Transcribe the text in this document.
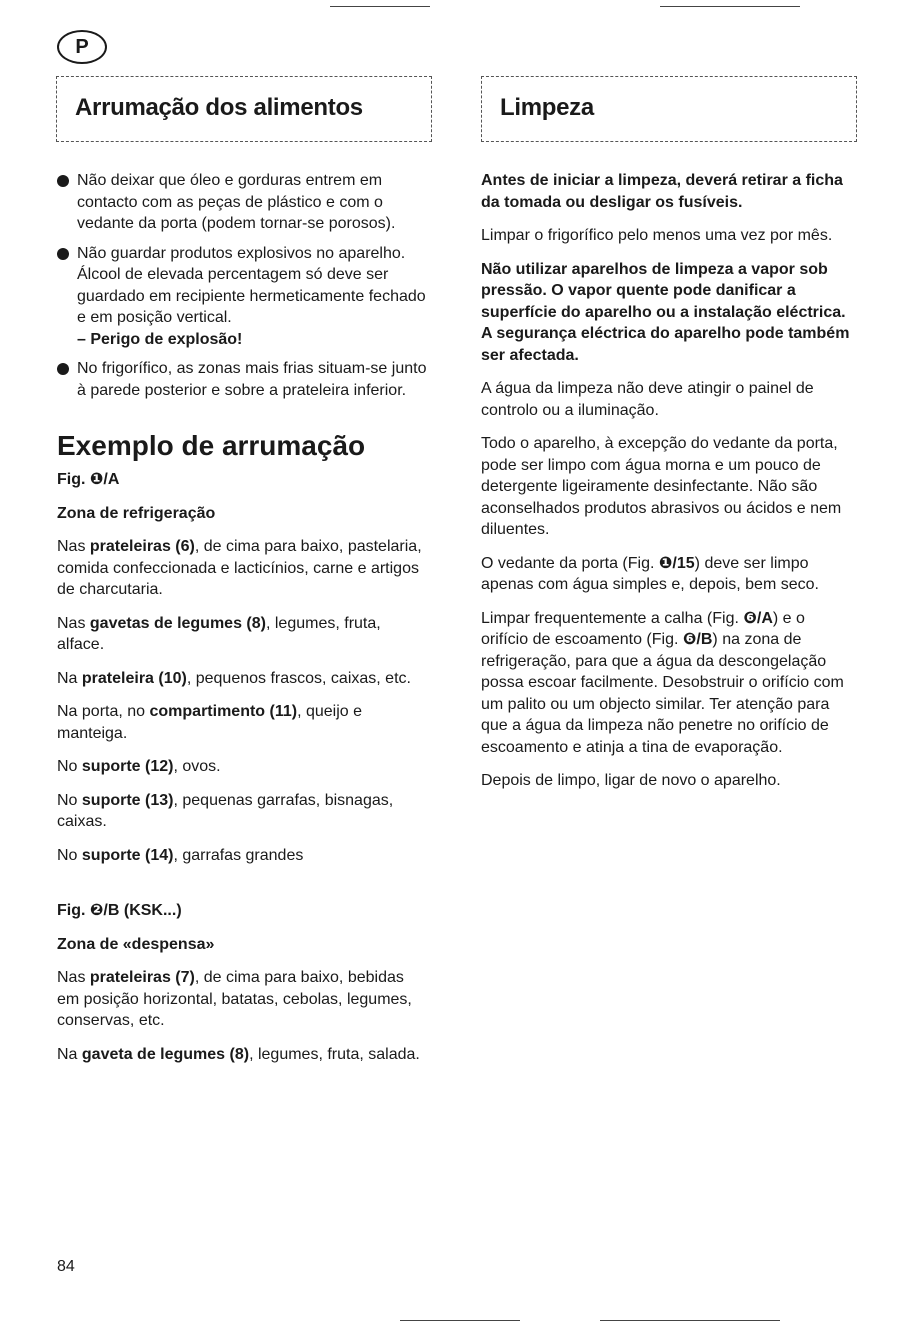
P
Arrumação dos alimentos
Não deixar que óleo e gorduras entrem em contacto com as peças de plástico e com o vedante da porta (podem tornar-se porosos).
Não guardar produtos explosivos no aparelho. Álcool de elevada percentagem só deve ser guardado em recipiente hermeticamente fechado e em posição vertical.
– Perigo de explosão!
No frigorífico, as zonas mais frias situam-se junto à parede posterior e sobre a prateleira inferior.
Exemplo de arrumação

Fig. ❶/A

Zona de refrigeração

Nas prateleiras (6), de cima para baixo, pastelaria, comida confeccionada e lacticínios, carne e artigos de charcutaria.

Nas gavetas de legumes (8), legumes, fruta, alface.

Na prateleira (10), pequenos frascos, caixas, etc.

Na porta, no compartimento (11), queijo e manteiga.

No suporte (12), ovos.

No suporte (13), pequenas garrafas, bisnagas, caixas.

No suporte (14), garrafas grandes

Fig. ❷/B (KSK...)

Zona de «despensa»

Nas prateleiras (7), de cima para baixo, bebidas em posição horizontal, batatas, cebolas, legumes, conservas, etc.

Na gaveta de legumes (8), legumes, fruta, salada.

Limpeza

Antes de iniciar a limpeza, deverá retirar a ficha da tomada ou desligar os fusíveis.

Limpar o frigorífico pelo menos uma vez por mês.

Não utilizar aparelhos de limpeza a vapor sob pressão. O vapor quente pode danificar a superfície do aparelho ou a instalação eléctrica. A segurança eléctrica do aparelho pode também ser afectada.

A água da limpeza não deve atingir o painel de controlo ou a iluminação.

Todo o aparelho, à excepção do vedante da porta, pode ser limpo com água morna e um pouco de detergente ligeiramente desinfectante. Não são aconselhados produtos abrasivos ou ácidos e nem diluentes.

O vedante da porta (Fig. ❶/15) deve ser limpo apenas com água simples e, depois, bem seco.

Limpar frequentemente a calha (Fig. ❻/A) e o orifício de escoamento (Fig. ❻/B) na zona de refrigeração, para que a água da descongelação possa escoar facilmente. Desobstruir o orifício com um palito ou um objecto similar. Ter atenção para que a água da limpeza não penetre no orifício de escoamento e atinja a tina de evaporação.

Depois de limpo, ligar de novo o aparelho.

84
